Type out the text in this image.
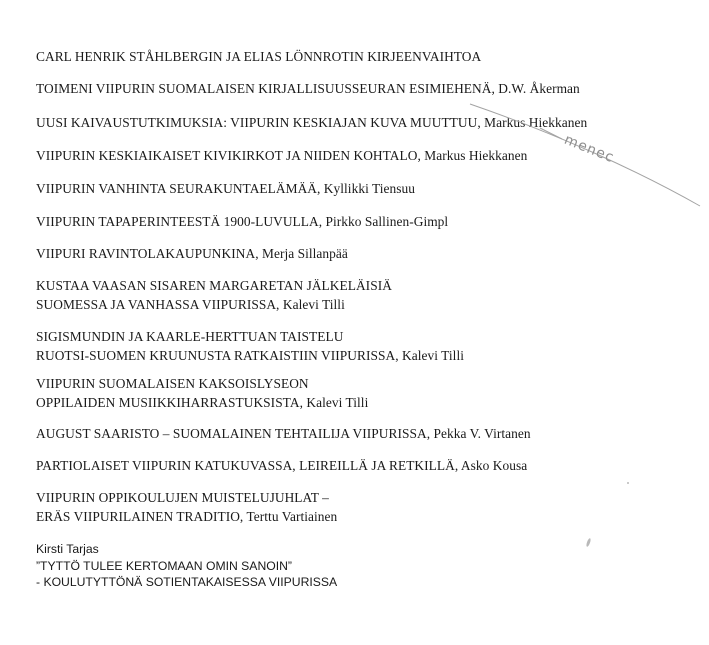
CARL HENRIK STÅHLBERGIN JA ELIAS LÖNNROTIN KIRJEENVAIHTOA
TOIMENI VIIPURIN SUOMALAISEN KIRJALLISUUSSEURAN ESIMIEHENÄ, D.W. Åkerman
UUSI KAIVAUSTUTKIMUKSIA: VIIPURIN KESKIAJAN KUVA MUUTTUU, Markus Hiekkanen
VIIPURIN KESKIAIKAISET KIVIKIRKOT JA NIIDEN KOHTALO, Markus Hiekkanen
VIIPURIN VANHINTA SEURAKUNTAELÄMÄÄ, Kyllikki Tiensuu
VIIPURIN TAPAPERINTEESTÄ 1900-LUVULLA, Pirkko Sallinen-Gimpl
VIIPURI RAVINTOLAKAUPUNKINA, Merja Sillanpää
KUSTAA VAASAN SISAREN MARGARETAN JÄLKELÄISIÄ
SUOMESSA JA VANHASSA VIIPURISSA, Kalevi Tilli
SIGISMUNDIN JA KAARLE-HERTTUAN TAISTELU
RUOTSI-SUOMEN KRUUNUSTA RATKAISTIIN VIIPURISSA, Kalevi Tilli
VIIPURIN SUOMALAISEN KAKSOISLYSEON
OPPILAIDEN MUSIIKKIHARRASTUKSISTA, Kalevi Tilli
AUGUST SAARISTO – SUOMALAINEN TEHTAILIJA VIIPURISSA, Pekka V. Virtanen
PARTIOLAISET VIIPURIN KATUKUVASSA, LEIREILLÄ JA RETKILLÄ, Asko Kousa
VIIPURIN OPPIKOULUJEN MUISTELUJUHLAT –
ERÄS VIIPURILAINEN TRADITIO, Terttu Vartiainen
Kirsti Tarjas
”TYTTÖ TULEE KERTOMAAN OMIN SANOIN”
- KOULUTYTTÖNÄ SOTIENTAKAISESSA VIIPURISSA
menec
